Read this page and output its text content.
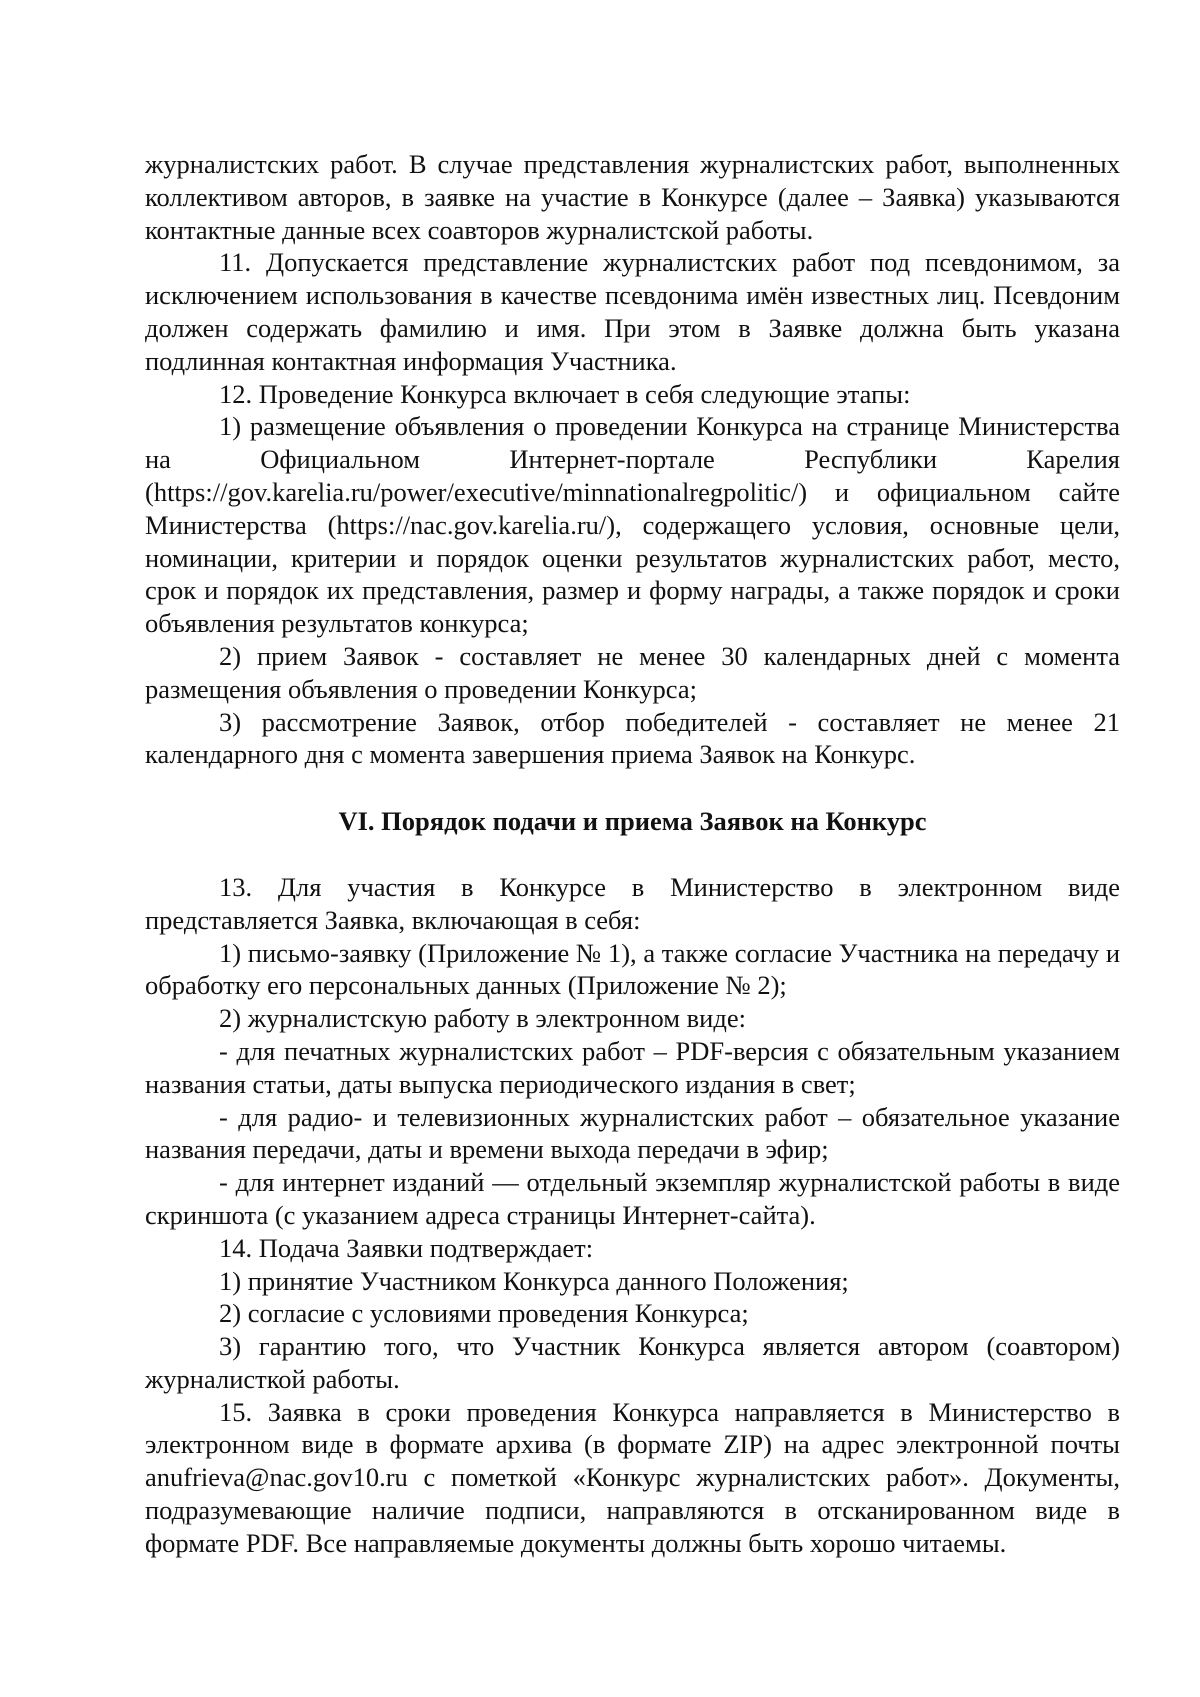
журналистских работ. В случае представления журналистских работ, выполненных коллективом авторов, в заявке на участие в Конкурсе (далее – Заявка) указываются контактные данные всех соавторов журналистской работы.

11. Допускается представление журналистских работ под псевдонимом, за исключением использования в качестве псевдонима имён известных лиц. Псевдоним должен содержать фамилию и имя. При этом в Заявке должна быть указана подлинная контактная информация Участника.

12. Проведение Конкурса включает в себя следующие этапы:

1) размещение объявления о проведении Конкурса на странице Министерства на Официальном Интернет-портале Республики Карелия (https://gov.karelia.ru/power/executive/minnationalregpolitic/) и официальном сайте Министерства (https://nac.gov.karelia.ru/), содержащего условия, основные цели, номинации, критерии и порядок оценки результатов журналистских работ, место, срок и порядок их представления, размер и форму награды, а также порядок и сроки объявления результатов конкурса;

2) прием Заявок - составляет не менее 30 календарных дней с момента размещения объявления о проведении Конкурса;

3) рассмотрение Заявок, отбор победителей - составляет не менее 21 календарного дня с момента завершения приема Заявок на Конкурс.

VI. Порядок подачи и приема Заявок на Конкурс

13. Для участия в Конкурсе в Министерство в электронном виде представляется Заявка, включающая в себя:

1) письмо-заявку (Приложение № 1), а также согласие Участника на передачу и обработку его персональных данных (Приложение № 2);

2) журналистскую работу в электронном виде:

- для печатных журналистских работ – PDF-версия с обязательным указанием названия статьи, даты выпуска периодического издания в свет;

- для радио- и телевизионных журналистских работ – обязательное указание названия передачи, даты и времени выхода передачи в эфир;

- для интернет изданий — отдельный экземпляр журналистской работы в виде скриншота (с указанием адреса страницы Интернет-сайта).

14. Подача Заявки подтверждает:

1) принятие Участником Конкурса данного Положения;

2) согласие с условиями проведения Конкурса;

3) гарантию того, что Участник Конкурса является автором (соавтором) журналисткой работы.

15. Заявка в сроки проведения Конкурса направляется в Министерство в электронном виде в формате архива (в формате ZIP) на адрес электронной почты anufrieva@nac.gov10.ru с пометкой «Конкурс журналистских работ». Документы, подразумевающие наличие подписи, направляются в отсканированном виде в формате PDF. Все направляемые документы должны быть хорошо читаемы.
